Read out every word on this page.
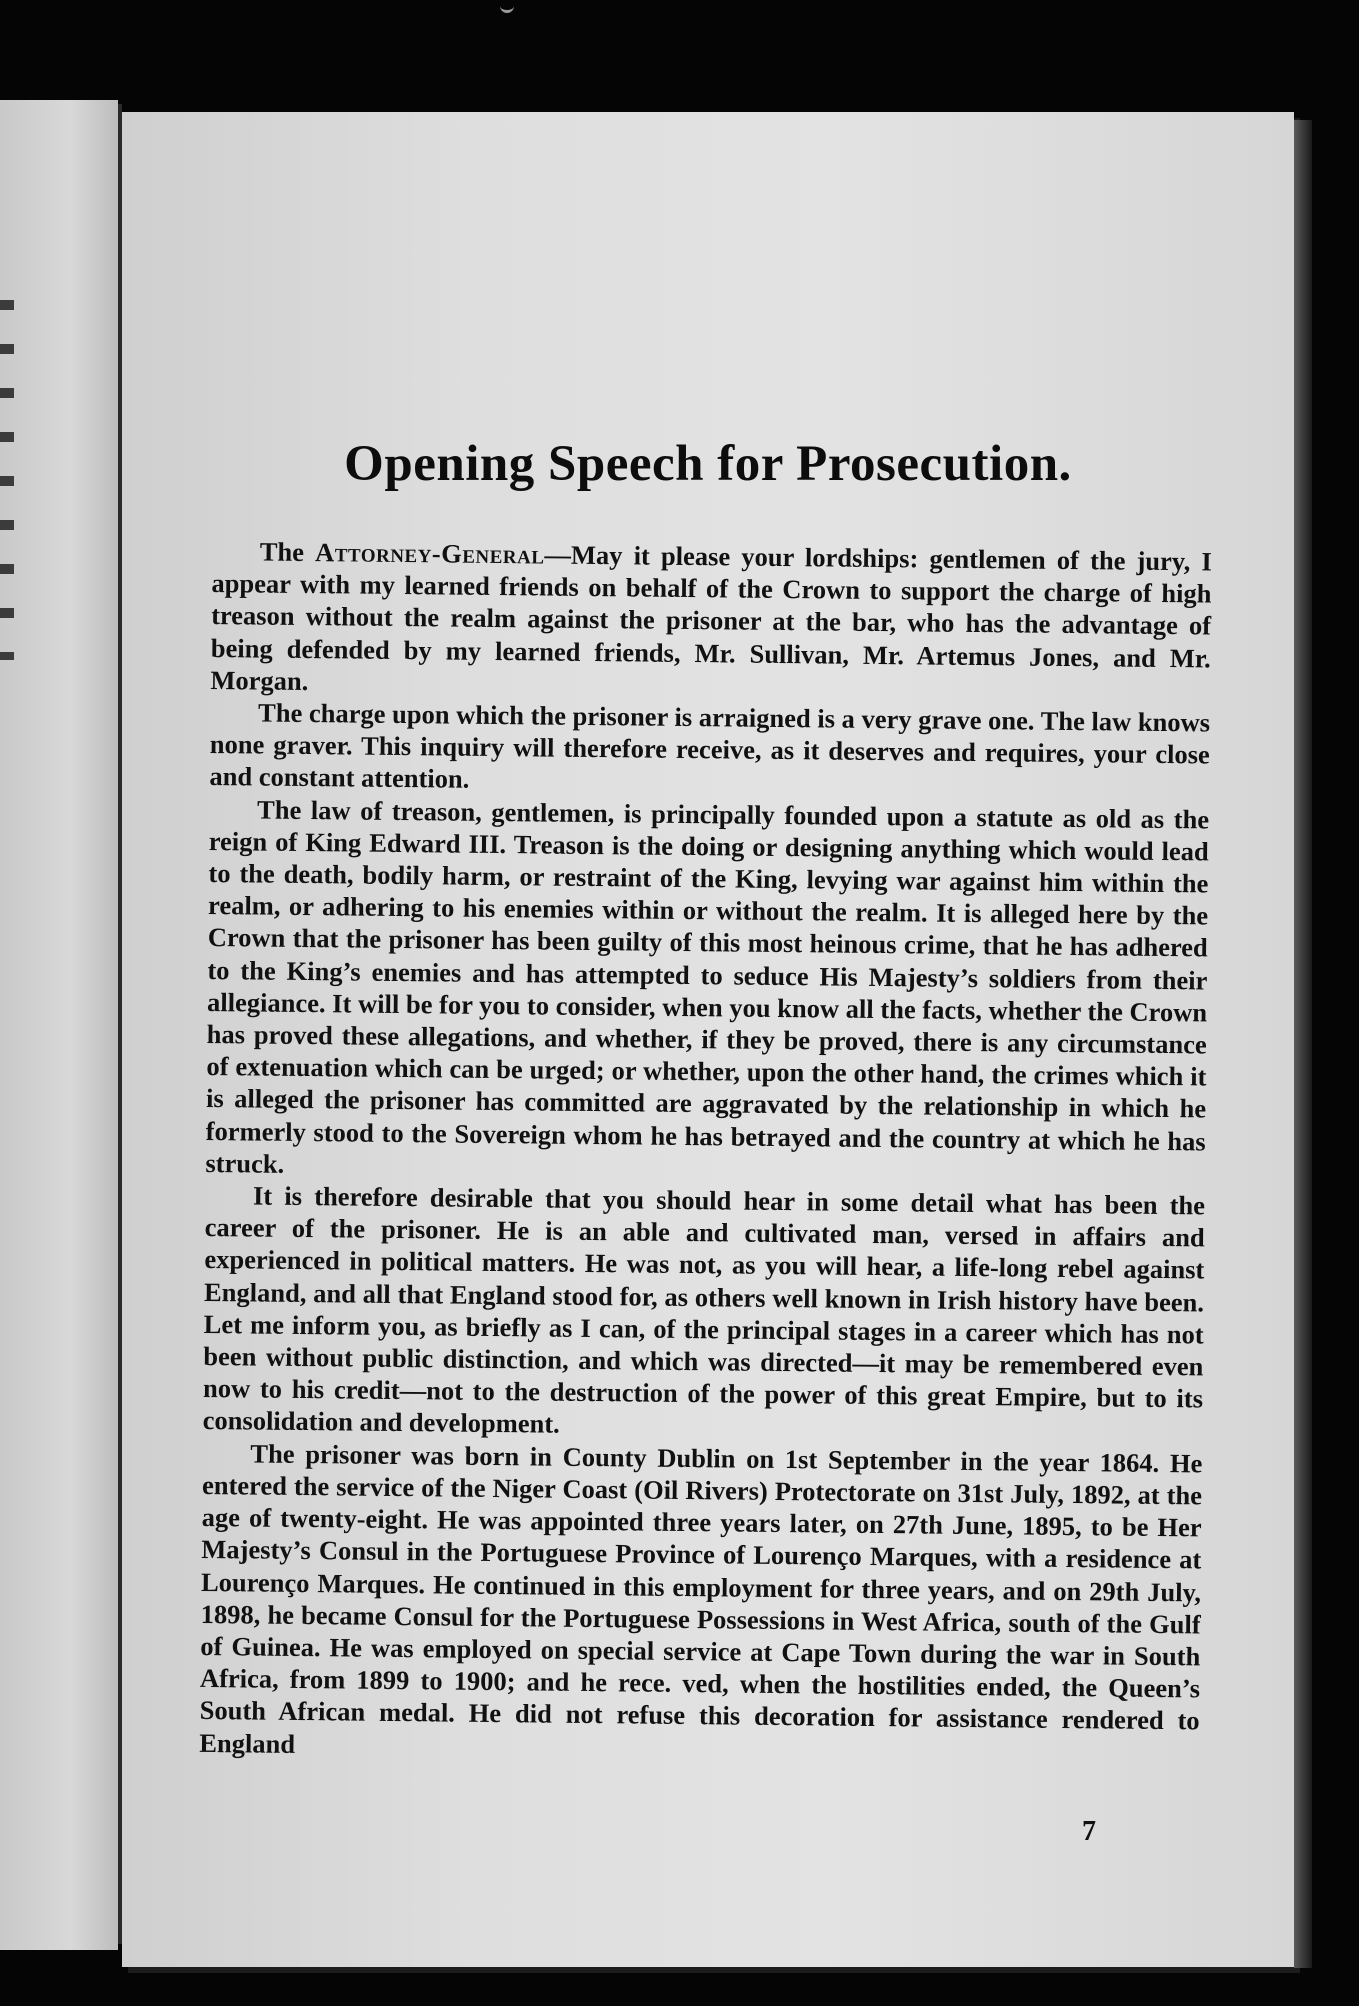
Opening Speech for Prosecution.

The Attorney-General—May it please your lordships: gentlemen of the jury, I appear with my learned friends on behalf of the Crown to support the charge of high treason without the realm against the prisoner at the bar, who has the advantage of being defended by my learned friends, Mr. Sullivan, Mr. Artemus Jones, and Mr. Morgan.

The charge upon which the prisoner is arraigned is a very grave one. The law knows none graver. This inquiry will therefore receive, as it deserves and requires, your close and constant attention.

The law of treason, gentlemen, is principally founded upon a statute as old as the reign of King Edward III. Treason is the doing or designing anything which would lead to the death, bodily harm, or restraint of the King, levying war against him within the realm, or adhering to his enemies within or without the realm. It is alleged here by the Crown that the prisoner has been guilty of this most heinous crime, that he has adhered to the King’s enemies and has attempted to seduce His Majesty’s soldiers from their allegiance. It will be for you to consider, when you know all the facts, whether the Crown has proved these allegations, and whether, if they be proved, there is any circumstance of extenuation which can be urged; or whether, upon the other hand, the crimes which it is alleged the prisoner has committed are aggravated by the relationship in which he formerly stood to the Sovereign whom he has betrayed and the country at which he has struck.

It is therefore desirable that you should hear in some detail what has been the career of the prisoner. He is an able and cultivated man, versed in affairs and experienced in political matters. He was not, as you will hear, a life-long rebel against England, and all that England stood for, as others well known in Irish history have been. Let me inform you, as briefly as I can, of the principal stages in a career which has not been without public distinction, and which was directed—it may be remembered even now to his credit—not to the destruction of the power of this great Empire, but to its consolidation and development.

The prisoner was born in County Dublin on 1st September in the year 1864. He entered the service of the Niger Coast (Oil Rivers) Protectorate on 31st July, 1892, at the age of twenty-eight. He was appointed three years later, on 27th June, 1895, to be Her Majesty’s Consul in the Portuguese Province of Lourenço Marques, with a residence at Lourenço Marques. He continued in this employment for three years, and on 29th July, 1898, he became Consul for the Portuguese Possessions in West Africa, south of the Gulf of Guinea. He was employed on special service at Cape Town during the war in South Africa, from 1899 to 1900; and he rece. ved, when the hostilities ended, the Queen’s South African medal. He did not refuse this decoration for assistance rendered to England

7
